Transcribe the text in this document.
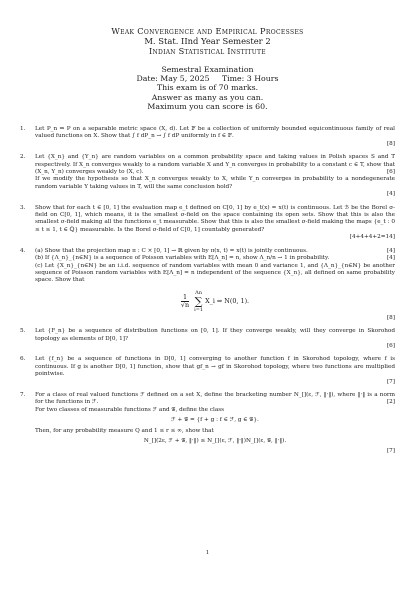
Weak Convergence and Empirical Processes

M. Stat. IInd Year Semester 2

Indian Statistical Institute

Semestral Examination
Date: May 5, 2025     Time: 3 Hours
This exam is of 70 marks.
Answer as many as you can.
Maximum you can score is 60.
1. Let P_n ⇒ P on a separable metric space (X, d). Let 𝔽 be a collection of uniformly bounded equicontinuous family of real valued functions on X. Show that ∫ f dP_n → ∫ f dP uniformly in f ∈ 𝔽.
[8]
2. Let {X_n} and {Y_n} are random variables on a common probability space and taking values in Polish spaces S and T respectively. If X_n converges weakly to a random variable X and Y_n converges in probability to a constant c ∈ T, show that (X_n, Y_n) converges weakly to (X, c).	[6]
If we modify the hypothesis so that X_n converges weakly to X, while Y_n converges in probability to a nondegenerate random variable Y taking values in T, will the same conclusion hold?
[4]
3. Show that for each t ∈ [0, 1] the evaluation map e_t defined on C[0, 1] by e_t(x) = x(t) is continuous. Let ℬ be the Borel σ-field on C[0, 1], which means, it is the smallest σ-field on the space containing its open sets. Show that this is also the smallest σ-field making all the functions e_t measurable. Show that this is also the smallest σ-field making the maps {e_t : 0 ≤ t ≤ 1, t ∈ ℚ} measurable. Is the Borel σ-field of C[0, 1] countably generated?
[4+4+4+2=14]
4. (a) Show that the projection map π : C × [0, 1] → ℝ given by π(x, t) = x(t) is jointly continuous.	[4]
(b) If {Λ_n}_{n∈ℕ} is a sequence of Poisson variables with E[Λ_n] = n, show Λ_n/n → 1 in probability.	[4]
(c) Let {X_n}_{n∈ℕ} be an i.i.d. sequence of random variables with mean 0 and variance 1, and {Λ_n}_{n∈ℕ} be another sequence of Poisson random variables with E[Λ_n] = n independent of the sequence {X_n}, all defined on same probability space. Show that
$\frac{1}{√n}$
Λn
∑
i=1
X_i ⇒ N(0, 1).
[8]
5. Let {F_n} be a sequence of distribution functions on [0, 1]. If they converge weakly, will they converge in Skorohod topology as elements of D[0, 1]?
[6]
6. Let {f_n} be a sequence of functions in D[0, 1] converging to another function f in Skorohod topology, where f is continuous. If g is another D[0, 1] function, show that gf_n → gf in Skorohod topology, where two functions are multiplied pointwise.
[7]
7. For a class of real valued functions ℱ defined on a set X, define the bracketing number N_[](ε, ℱ, ‖·‖), where ‖·‖ is a norm for the functions in ℱ.	[2]
For two classes of measurable functions ℱ and 𝒢, define the class
ℱ + 𝒢 = {f + g : f ∈ ℱ, g ∈ 𝒢}.
Then, for any probability measure Q and 1 ≤ r ≤ ∞, show that
N_[](2ε, ℱ + 𝒢, ‖·‖) ≤ N_[](ε, ℱ, ‖·‖)N_[](ε, 𝒢, ‖·‖).
[7]
1
